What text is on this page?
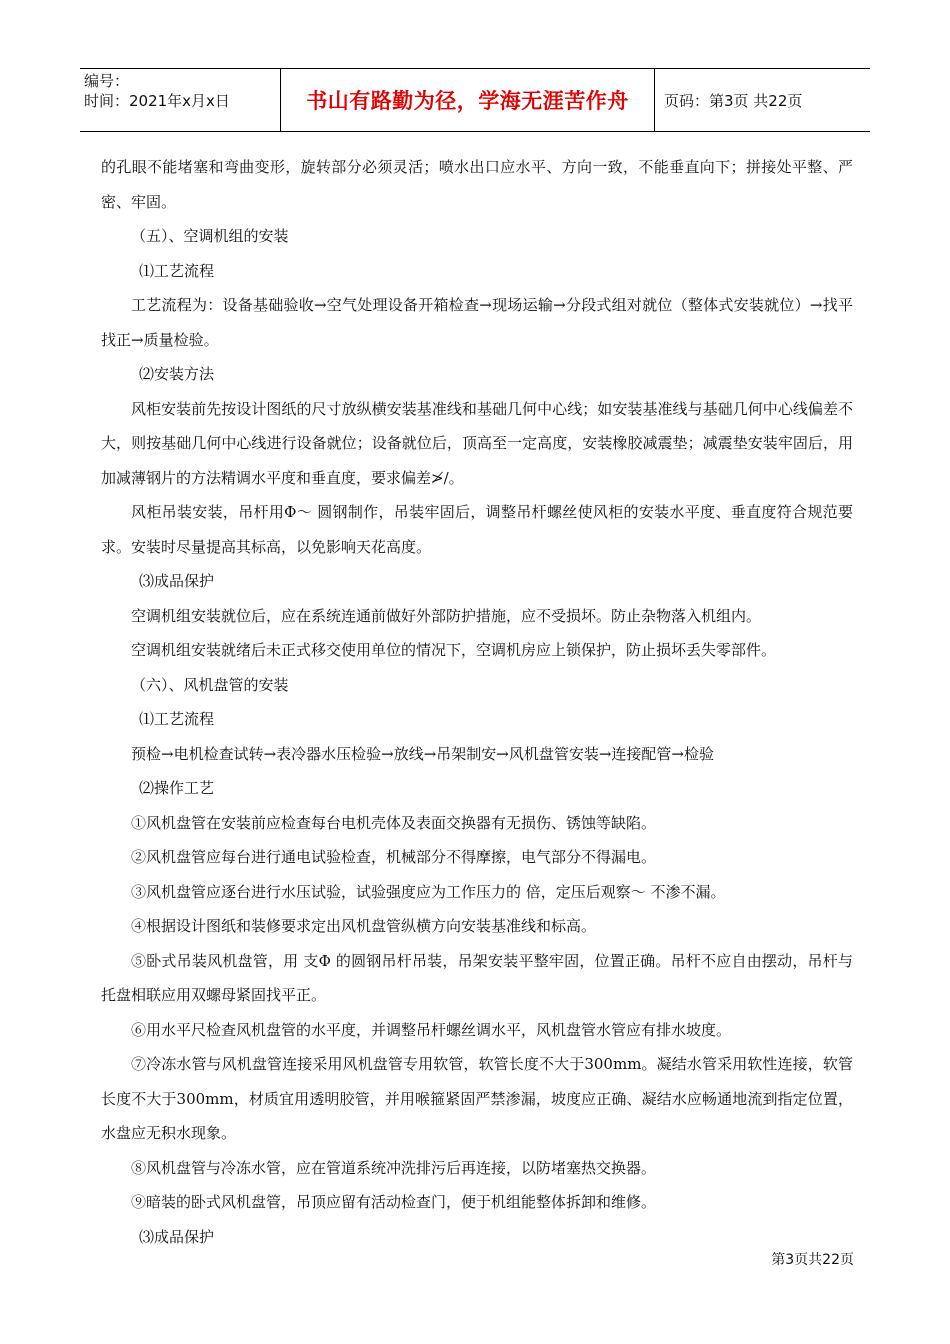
编号：
时间：2021年x月x日	书山有路勤为径，学海无涯苦作舟 页码：第3页 共22页

的孔眼不能堵塞和弯曲变形，旋转部分必须灵活；喷水出口应水平、方向一致，不能垂直向下；拼接处平整、严密、牢固。

（五）、空调机组的安装

⑴工艺流程

工艺流程为：设备基础验收→空气处理设备开箱检查→现场运输→分段式组对就位（整体式安装就位）→找平找正→质量检验。

⑵安装方法

风柜安装前先按设计图纸的尺寸放纵横安装基准线和基础几何中心线；如安装基准线与基础几何中心线偏差不大，则按基础几何中心线进行设备就位；设备就位后，顶高至一定高度，安装橡胶减震垫；减震垫安装牢固后，用加减薄钢片的方法精调水平度和垂直度，要求偏差≯/。

风柜吊装安装，吊杆用Φ～ 圆钢制作，吊装牢固后，调整吊杆螺丝使风柜的安装水平度、垂直度符合规范要求。安装时尽量提高其标高，以免影响天花高度。

⑶成品保护

空调机组安装就位后，应在系统连通前做好外部防护措施，应不受损坏。防止杂物落入机组内。

空调机组安装就绪后未正式移交使用单位的情况下，空调机房应上锁保护，防止损坏丢失零部件。

（六）、风机盘管的安装

⑴工艺流程

预检→电机检查试转→表冷器水压检验→放线→吊架制安→风机盘管安装→连接配管→检验

⑵操作工艺

①风机盘管在安装前应检查每台电机壳体及表面交换器有无损伤、锈蚀等缺陷。

②风机盘管应每台进行通电试验检查，机械部分不得摩擦，电气部分不得漏电。

③风机盘管应逐台进行水压试验，试验强度应为工作压力的 倍，定压后观察～ 不渗不漏。

④根据设计图纸和装修要求定出风机盘管纵横方向安装基准线和标高。

⑤卧式吊装风机盘管，用 支Φ 的圆钢吊杆吊装，吊架安装平整牢固，位置正确。吊杆不应自由摆动，吊杆与托盘相联应用双螺母紧固找平正。

⑥用水平尺检查风机盘管的水平度，并调整吊杆螺丝调水平，风机盘管水管应有排水坡度。

⑦冷冻水管与风机盘管连接采用风机盘管专用软管，软管长度不大于300mm。凝结水管采用软性连接，软管长度不大于300mm，材质宜用透明胶管，并用喉箍紧固严禁渗漏，坡度应正确、凝结水应畅通地流到指定位置，水盘应无积水现象。

⑧风机盘管与冷冻水管，应在管道系统冲洗排污后再连接，以防堵塞热交换器。

⑨暗装的卧式风机盘管，吊顶应留有活动检查门，便于机组能整体拆卸和维修。

⑶成品保护

第3页共22页
